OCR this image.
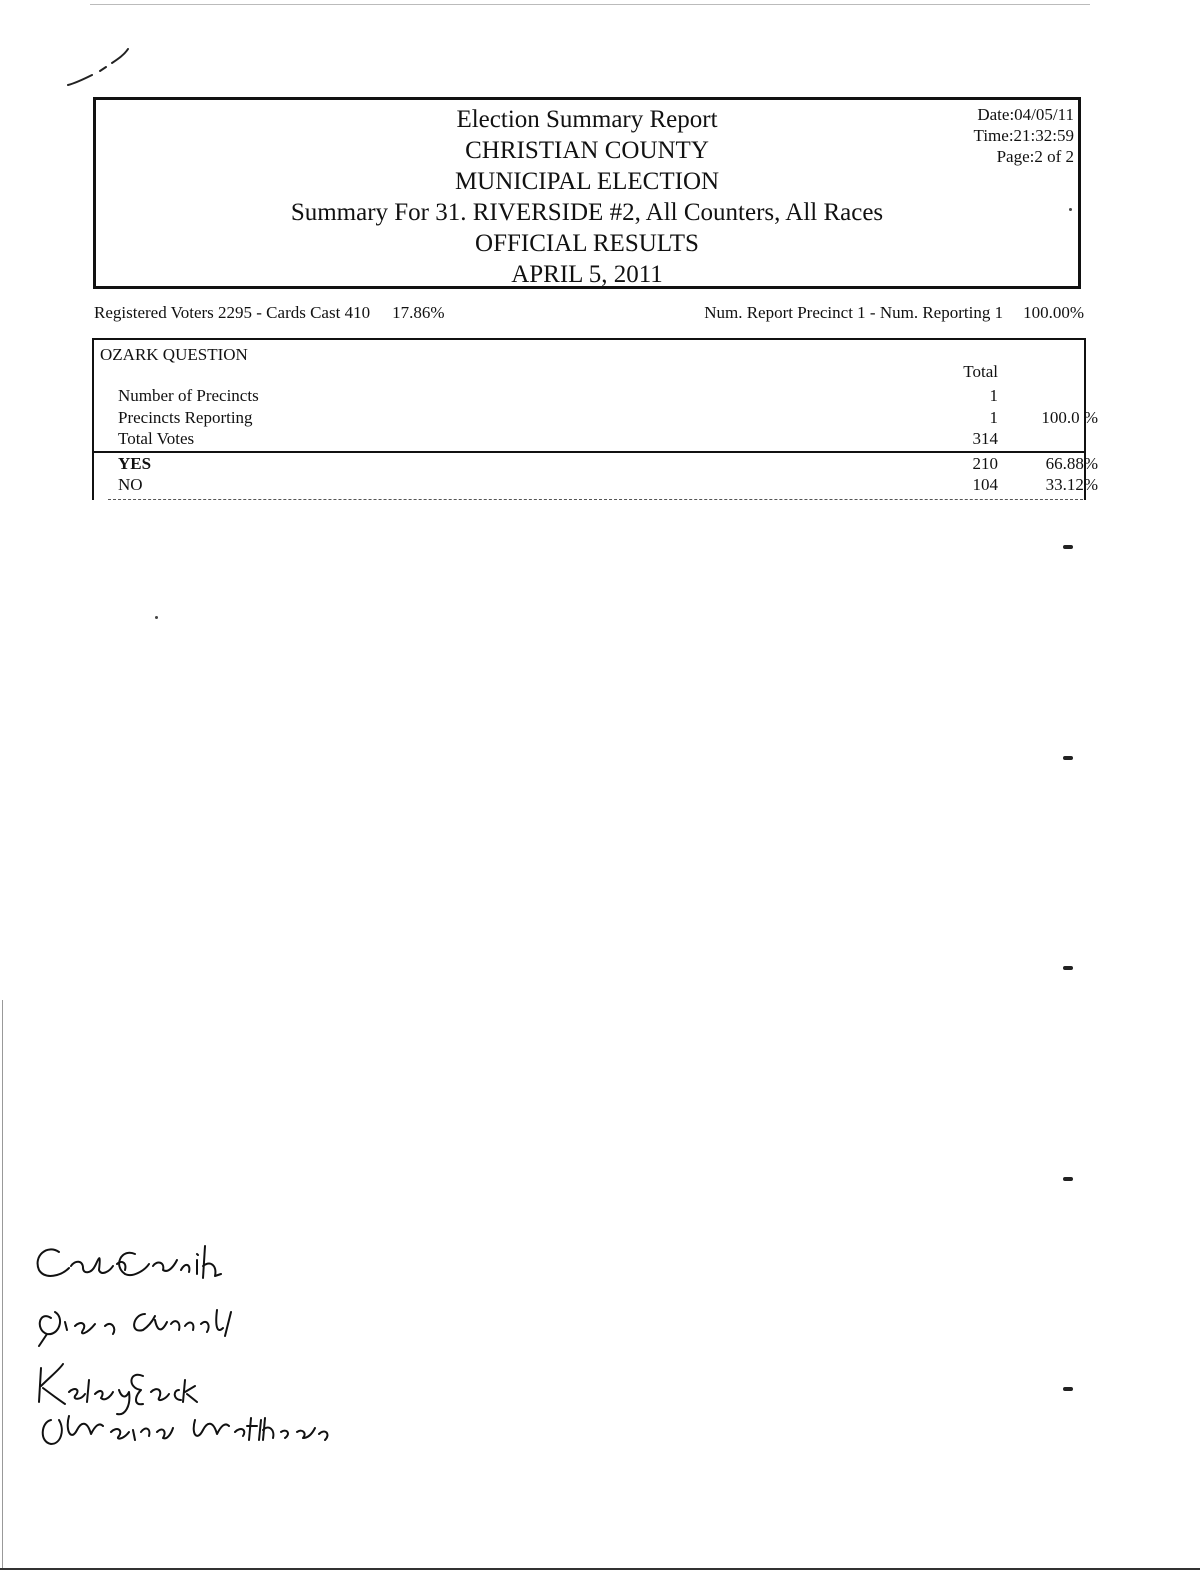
Election Summary Report
CHRISTIAN COUNTY
MUNICIPAL ELECTION
Summary For 31. RIVERSIDE #2, All Counters, All Races
OFFICIAL RESULTS
APRIL 5, 2011
Date:04/05/11
Time:21:32:59
Page:2 of 2
Registered Voters 2295 - Cards Cast 410 17.86%	Num. Report Precinct 1 - Num. Reporting 1 100.00%
OZARK QUESTION
Total
Number of Precincts	1
Precincts Reporting	1	100.0 %
Total Votes	314
YES	210	66.88%
NO	104	33.12%
